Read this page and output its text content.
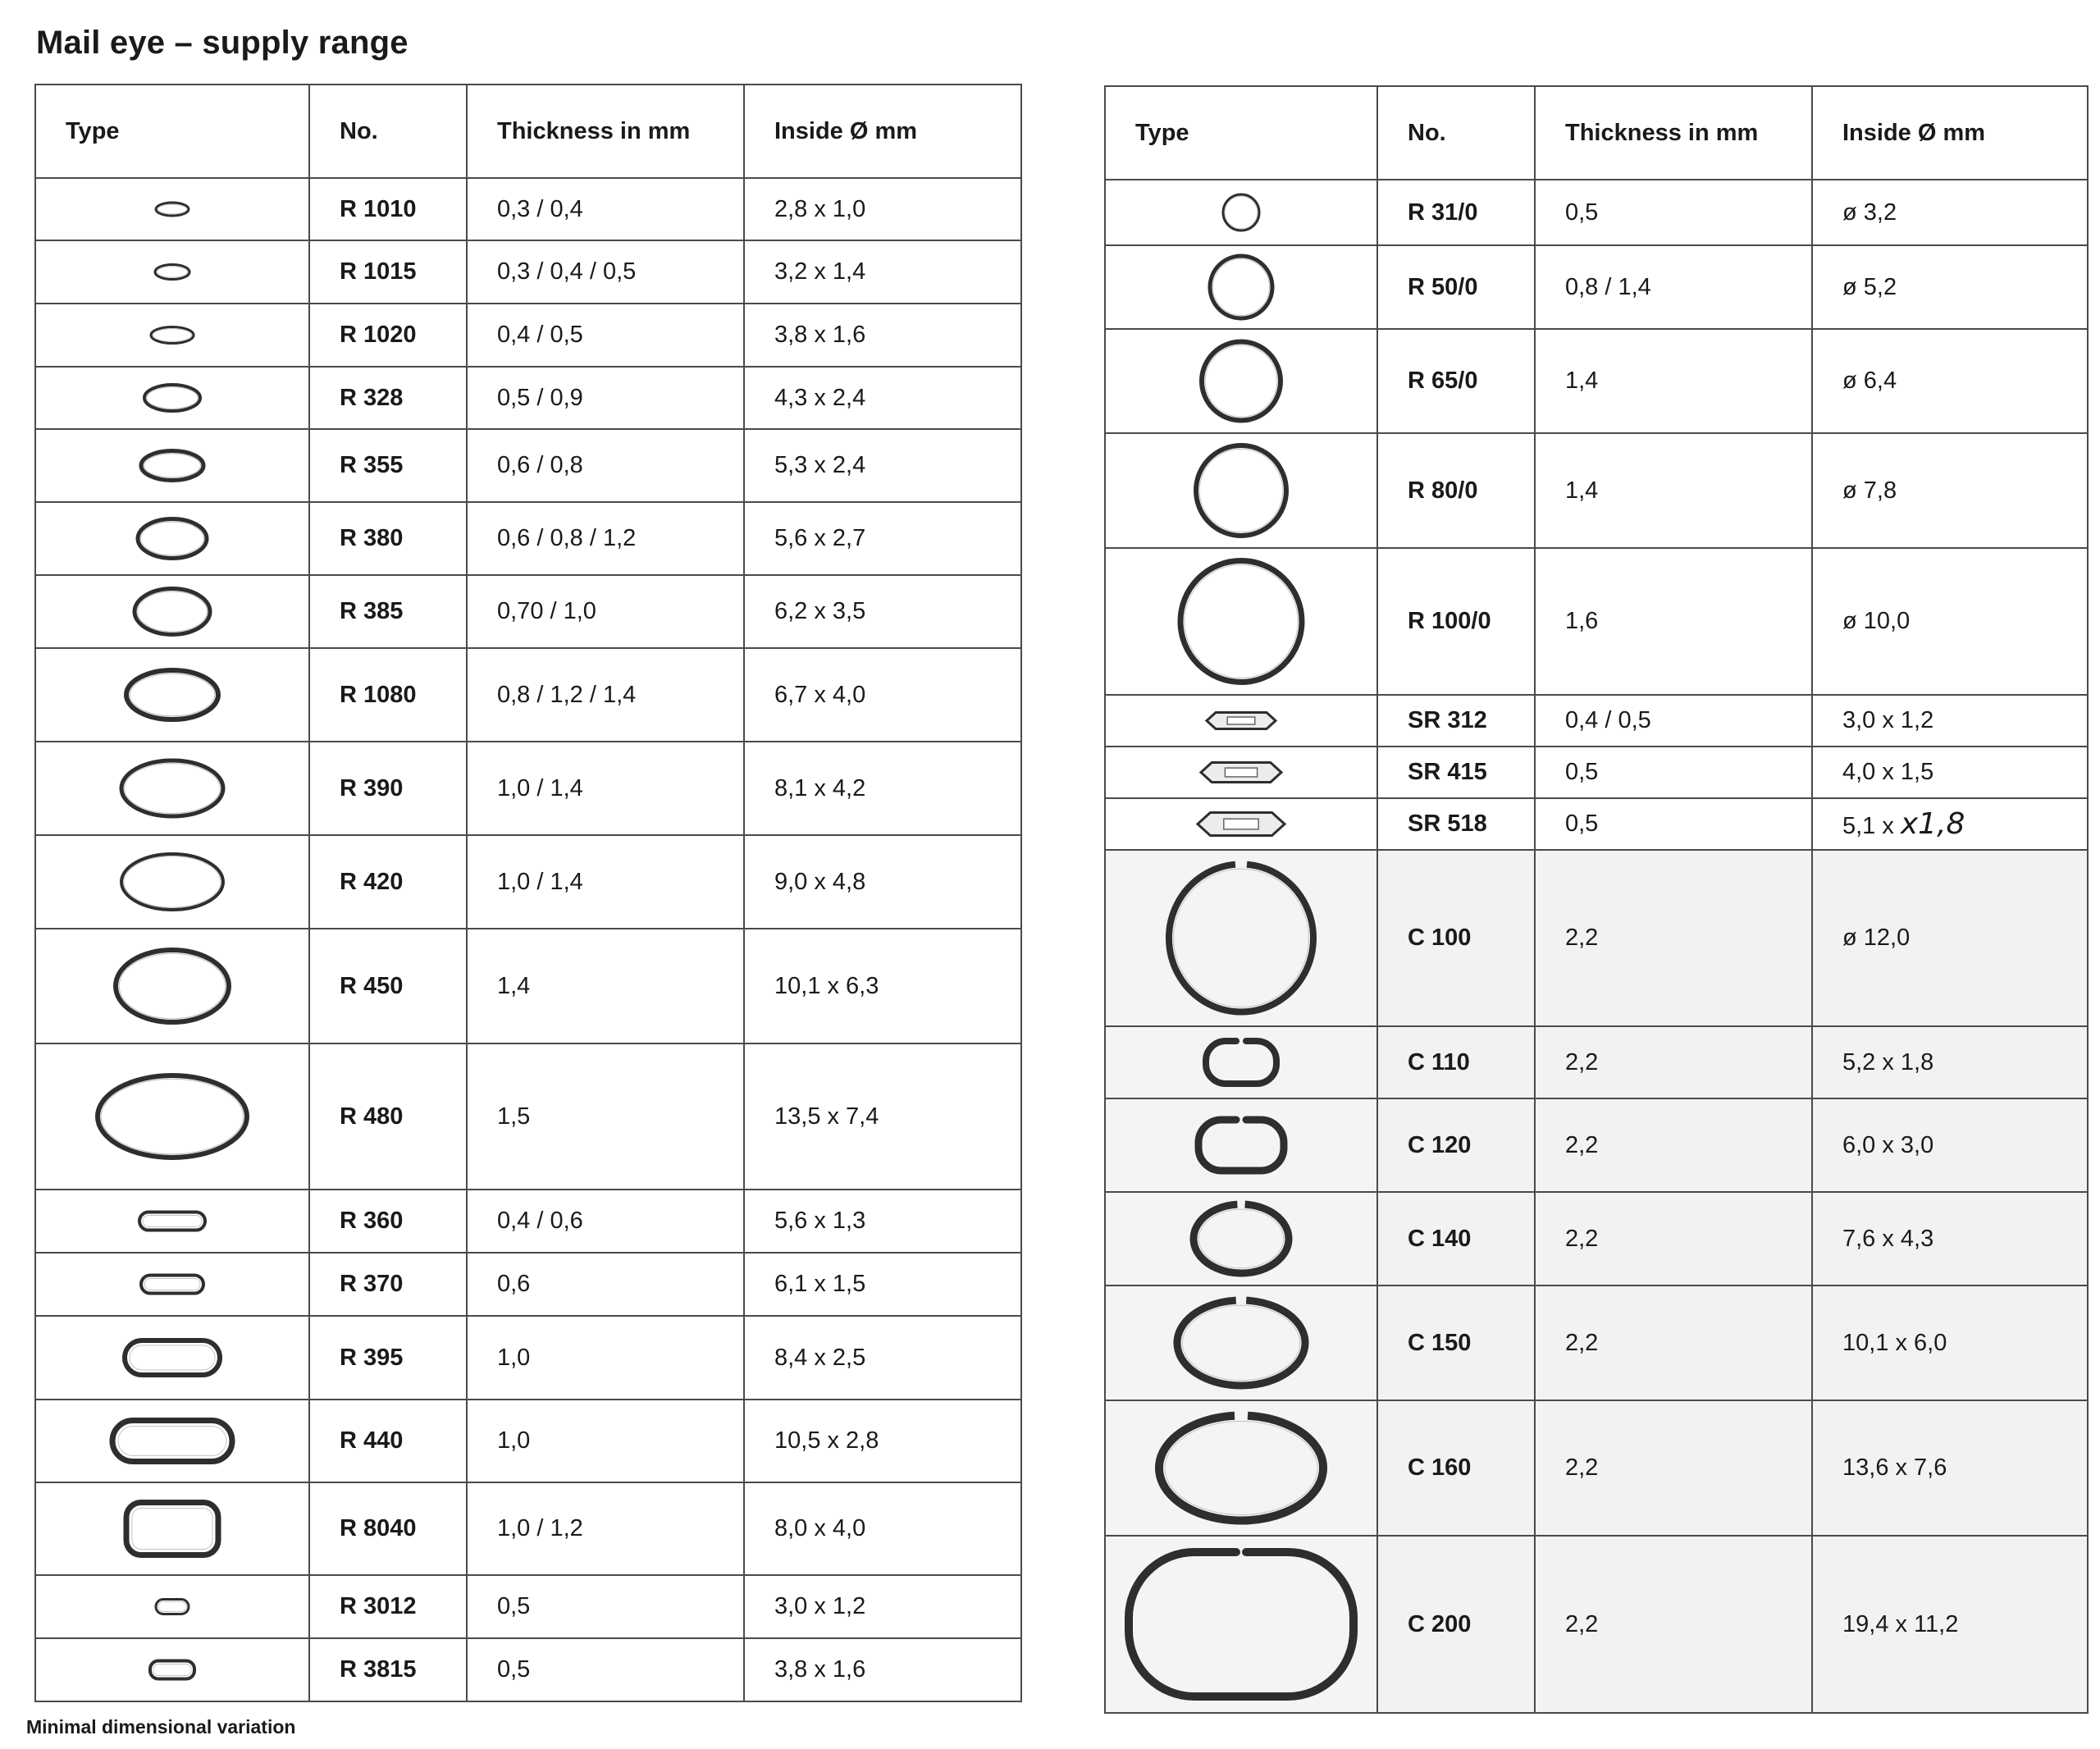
Mail eye – supply range
Type	No.	Thickness in mm	Inside Ø mm

	R 1010	0,3 / 0,4	2,8 x 1,0

	R 1015	0,3 / 0,4 / 0,5	3,2 x 1,4

	R 1020	0,4 / 0,5	3,8 x 1,6

	R 328	0,5 / 0,9	4,3 x 2,4

	R 355	0,6 / 0,8	5,3 x 2,4

	R 380	0,6 / 0,8 / 1,2	5,6 x 2,7

	R 385	0,70 / 1,0	6,2 x 3,5

	R 1080	0,8 / 1,2 / 1,4	6,7 x 4,0

	R 390	1,0 / 1,4	8,1 x 4,2

	R 420	1,0 / 1,4	9,0 x 4,8

	R 450	1,4	10,1 x 6,3

	R 480	1,5	13,5 x 7,4

	R 360	0,4 / 0,6	5,6 x 1,3

	R 370	0,6	6,1 x 1,5

	R 395	1,0	8,4 x 2,5

	R 440	1,0	10,5 x 2,8

	R 8040	1,0 / 1,2	8,0 x 4,0

	R 3012	0,5	3,0 x 1,2

	R 3815	0,5	3,8 x 1,6
Type	No.	Thickness in mm	Inside Ø mm

	R 31/0	0,5	ø 3,2

	R 50/0	0,8 / 1,4	ø 5,2

	R 65/0	1,4	ø 6,4

	R 80/0	1,4	ø 7,8

	R 100/0	1,6	ø 10,0

	SR 312	0,4 / 0,5	3,0 x 1,2

	SR 415	0,5	4,0 x 1,5

	SR 518	0,5	5,1 x x1,8

	C 100	2,2	ø 12,0

	C 110	2,2	5,2 x 1,8

	C 120	2,2	6,0 x 3,0

	C 140	2,2	7,6 x 4,3

	C 150	2,2	10,1 x 6,0

	C 160	2,2	13,6 x 7,6

	C 200	2,2	19,4 x 11,2
Minimal dimensional variation
